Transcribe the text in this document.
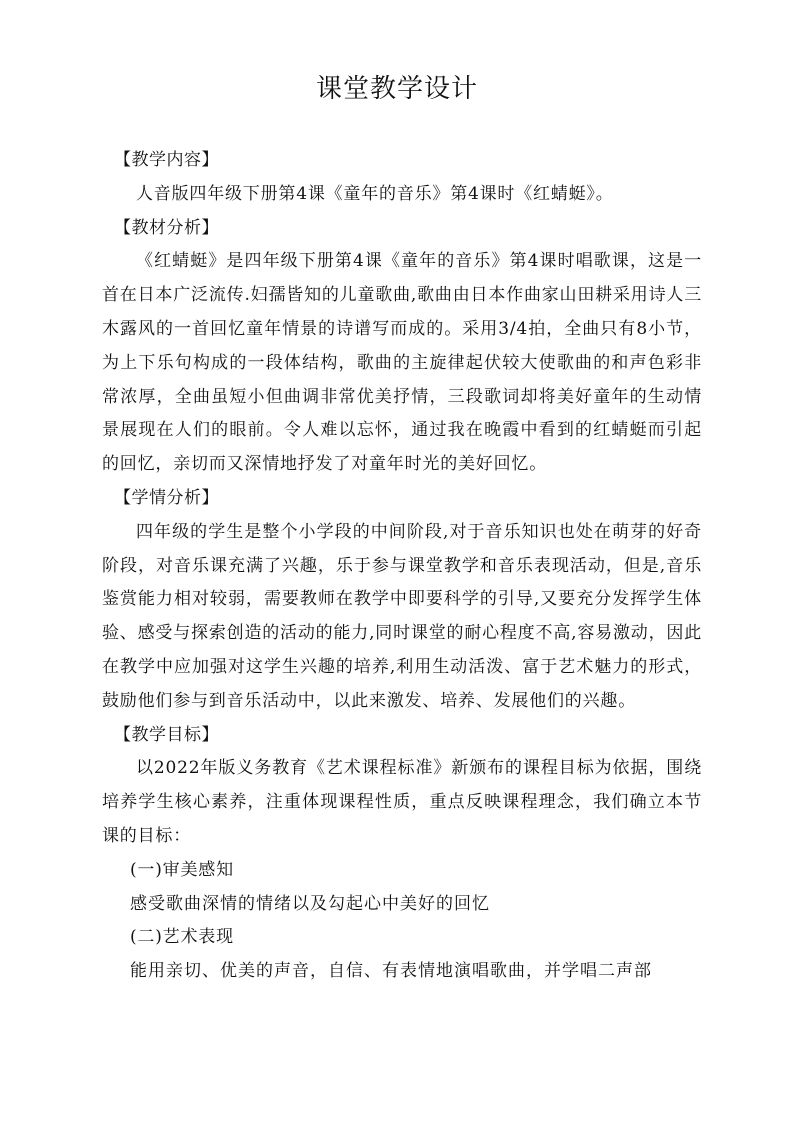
课堂教学设计

【教学内容】

人音版四年级下册第4课《童年的音乐》第4课时《红蜻蜓》。

【教材分析】

《红蜻蜓》是四年级下册第4课《童年的音乐》第4课时唱歌课，这是一首在日本广泛流传.妇孺皆知的儿童歌曲,歌曲由日本作曲家山田耕采用诗人三木露风的一首回忆童年情景的诗谱写而成的。采用3/4拍，全曲只有8小节，为上下乐句构成的一段体结构，歌曲的主旋律起伏较大使歌曲的和声色彩非常浓厚，全曲虽短小但曲调非常优美抒情，三段歌词却将美好童年的生动情景展现在人们的眼前。令人难以忘怀，通过我在晚霞中看到的红蜻蜓而引起的回忆，亲切而又深情地抒发了对童年时光的美好回忆。

【学情分析】

四年级的学生是整个小学段的中间阶段,对于音乐知识也处在萌芽的好奇阶段，对音乐课充满了兴趣，乐于参与课堂教学和音乐表现活动，但是,音乐鉴赏能力相对较弱，需要教师在教学中即要科学的引导,又要充分发挥学生体验、感受与探索创造的活动的能力,同时课堂的耐心程度不高,容易激动，因此在教学中应加强对这学生兴趣的培养,利用生动活泼、富于艺术魅力的形式，鼓励他们参与到音乐活动中，以此来激发、培养、发展他们的兴趣。

【教学目标】

以2022年版义务教育《艺术课程标准》新颁布的课程目标为依据，围绕培养学生核心素养，注重体现课程性质，重点反映课程理念，我们确立本节课的目标：

(一)审美感知

感受歌曲深情的情绪以及勾起心中美好的回忆

(二)艺术表现

能用亲切、优美的声音，自信、有表情地演唱歌曲，并学唱二声部
